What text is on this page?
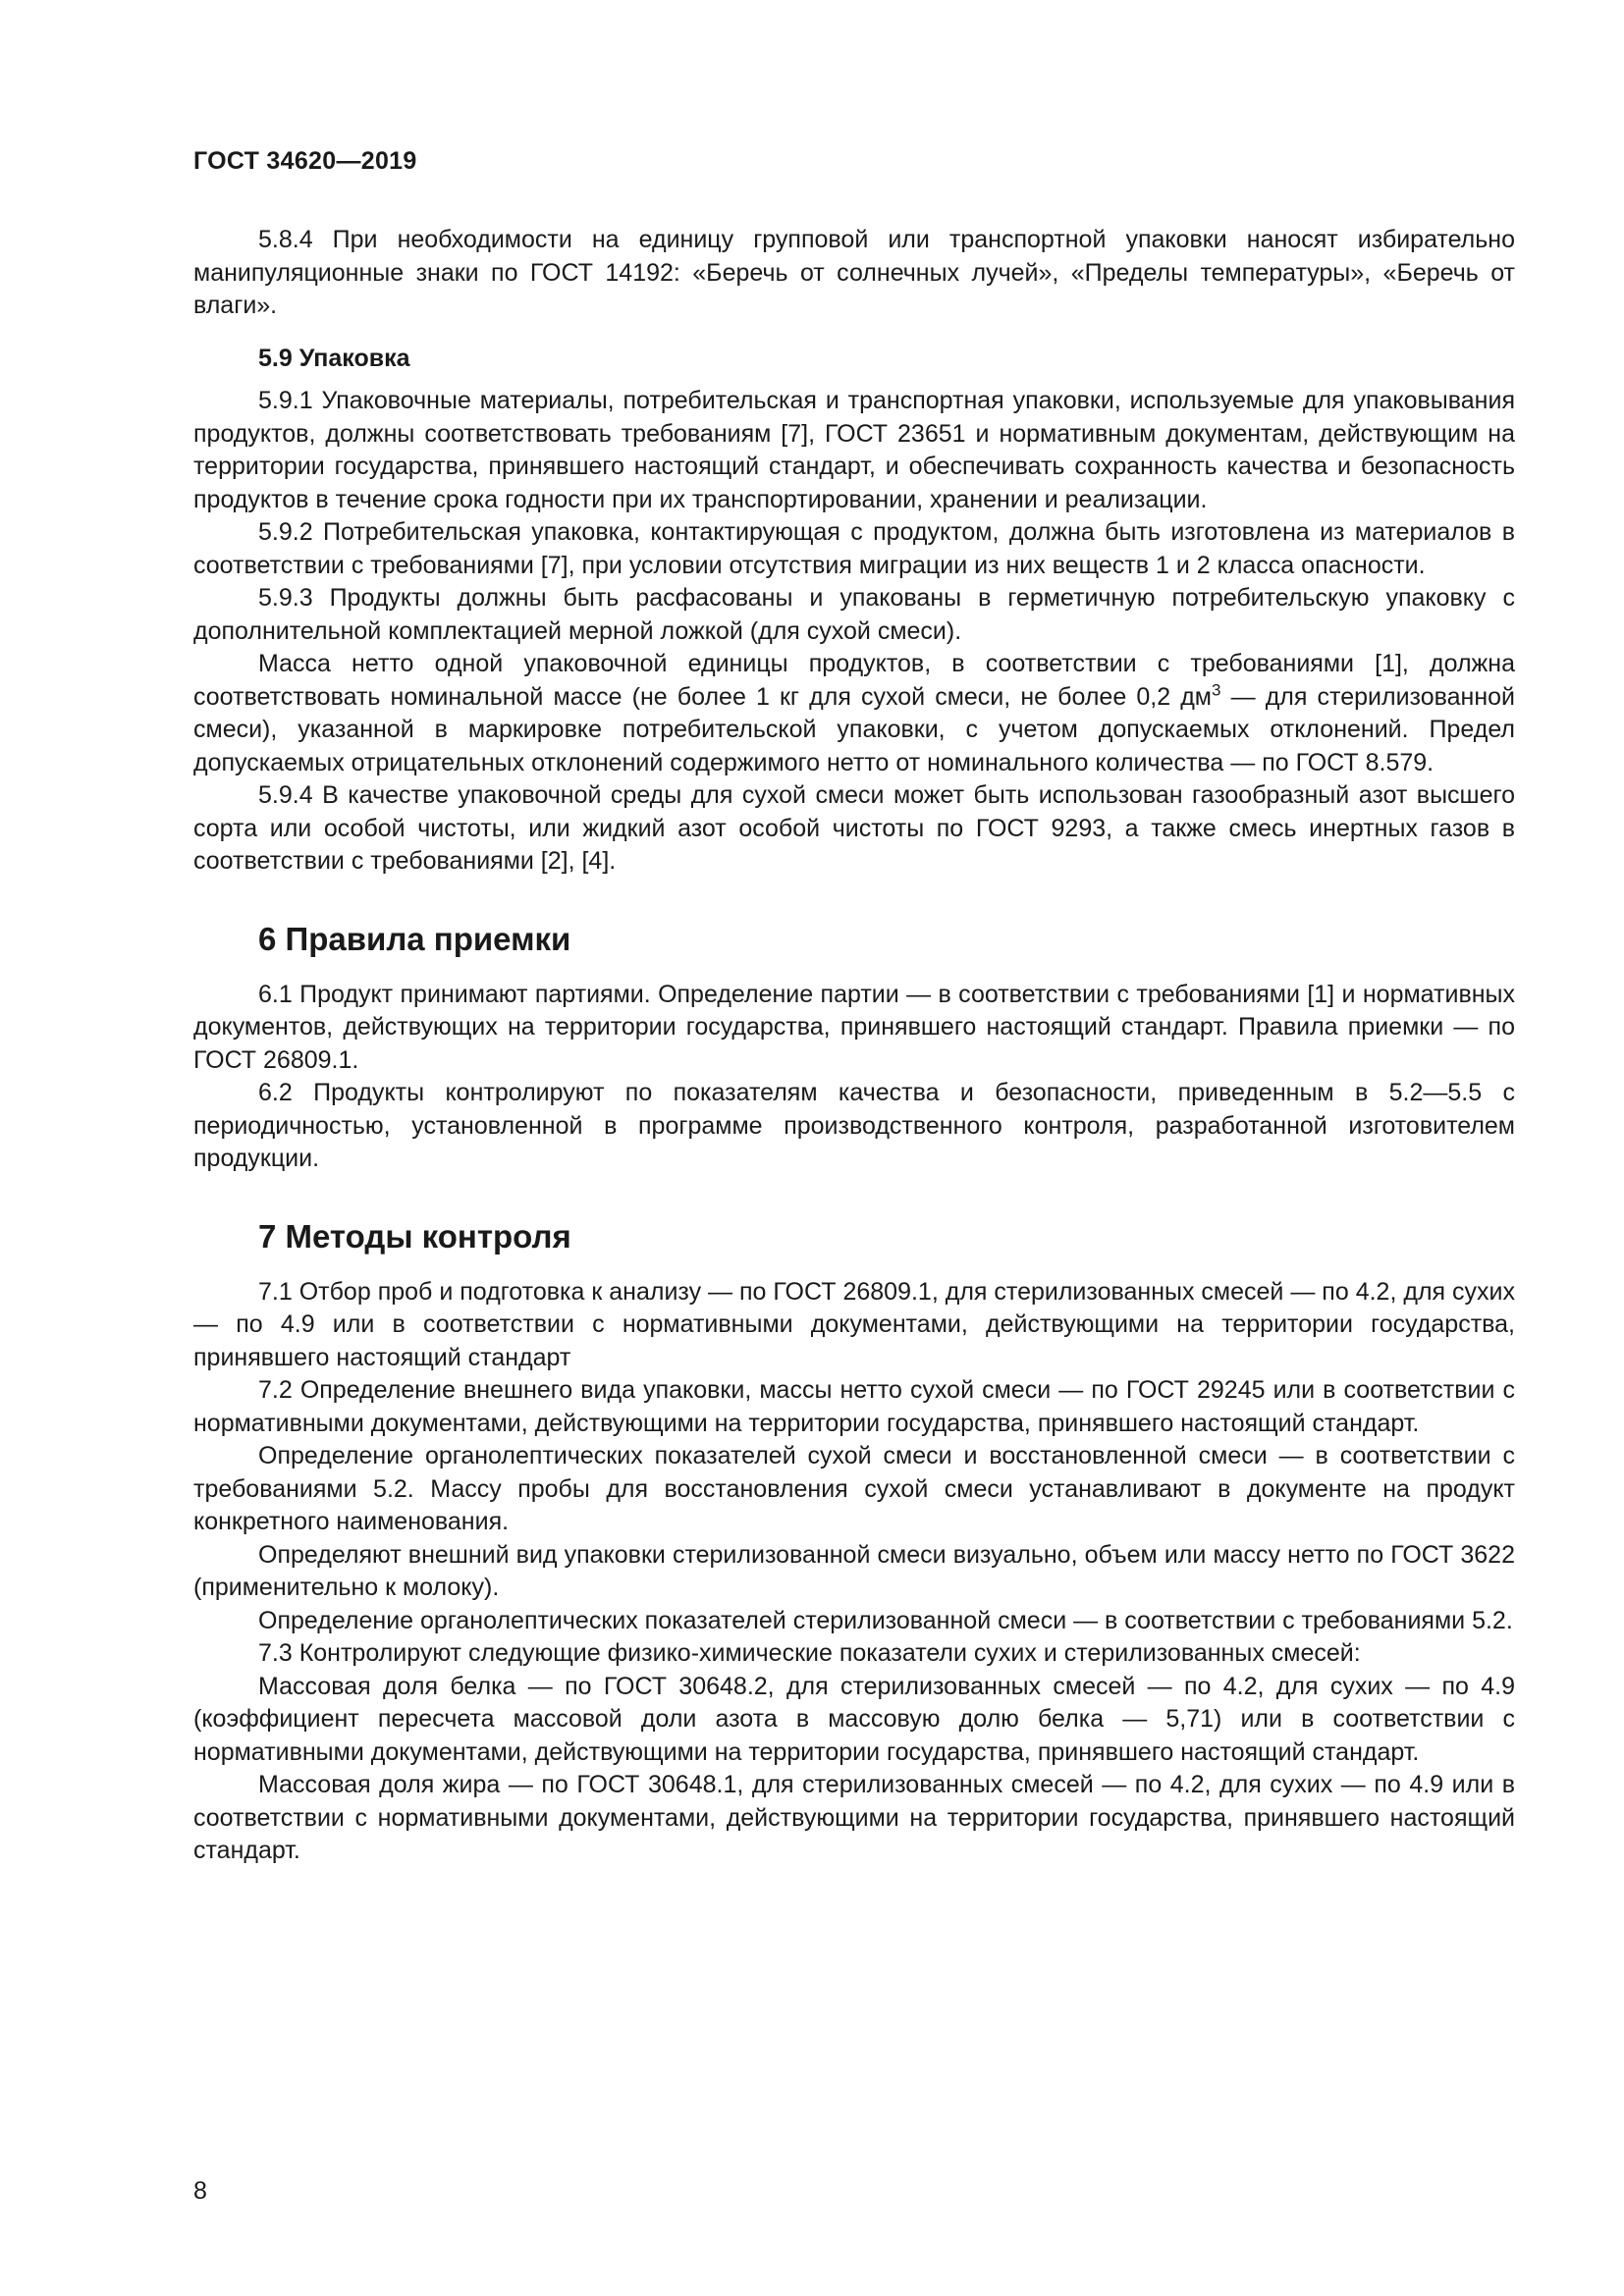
ГОСТ 34620—2019

5.8.4 При необходимости на единицу групповой или транспортной упаковки наносят избирательно манипуляционные знаки по ГОСТ 14192: «Беречь от солнечных лучей», «Пределы температуры», «Беречь от влаги».

5.9 Упаковка

5.9.1 Упаковочные материалы, потребительская и транспортная упаковки, используемые для упаковывания продуктов, должны соответствовать требованиям [7], ГОСТ 23651 и нормативным документам, действующим на территории государства, принявшего настоящий стандарт, и обеспечивать сохранность качества и безопасность продуктов в течение срока годности при их транспортировании, хранении и реализации.

5.9.2 Потребительская упаковка, контактирующая с продуктом, должна быть изготовлена из материалов в соответствии с требованиями [7], при условии отсутствия миграции из них веществ 1 и 2 класса опасности.

5.9.3 Продукты должны быть расфасованы и упакованы в герметичную потребительскую упаковку с дополнительной комплектацией мерной ложкой (для сухой смеси).

Масса нетто одной упаковочной единицы продуктов, в соответствии с требованиями [1], должна соответствовать номинальной массе (не более 1 кг для сухой смеси, не более 0,2 $дм^3$ — для стерилизованной смеси), указанной в маркировке потребительской упаковки, с учетом допускаемых отклонений. Предел допускаемых отрицательных отклонений содержимого нетто от номинального количества — по ГОСТ 8.579.

5.9.4 В качестве упаковочной среды для сухой смеси может быть использован газообразный азот высшего сорта или особой чистоты, или жидкий азот особой чистоты по ГОСТ 9293, а также смесь инертных газов в соответствии с требованиями [2], [4].

6 Правила приемки

6.1 Продукт принимают партиями. Определение партии — в соответствии с требованиями [1] и нормативных документов, действующих на территории государства, принявшего настоящий стандарт. Правила приемки — по ГОСТ 26809.1.

6.2 Продукты контролируют по показателям качества и безопасности, приведенным в 5.2—5.5 с периодичностью, установленной в программе производственного контроля, разработанной изготовителем продукции.

7 Методы контроля

7.1 Отбор проб и подготовка к анализу — по ГОСТ 26809.1, для стерилизованных смесей — по 4.2, для сухих — по 4.9 или в соответствии с нормативными документами, действующими на территории государства, принявшего настоящий стандарт

7.2 Определение внешнего вида упаковки, массы нетто сухой смеси — по ГОСТ 29245 или в соответствии с нормативными документами, действующими на территории государства, принявшего настоящий стандарт.

Определение органолептических показателей сухой смеси и восстановленной смеси — в соответствии с требованиями 5.2. Массу пробы для восстановления сухой смеси устанавливают в документе на продукт конкретного наименования.

Определяют внешний вид упаковки стерилизованной смеси визуально, объем или массу нетто по ГОСТ 3622 (применительно к молоку).

Определение органолептических показателей стерилизованной смеси — в соответствии с требованиями 5.2.

7.3 Контролируют следующие физико-химические показатели сухих и стерилизованных смесей:

Массовая доля белка — по ГОСТ 30648.2, для стерилизованных смесей — по 4.2, для сухих — по 4.9 (коэффициент пересчета массовой доли азота в массовую долю белка — 5,71) или в соответствии с нормативными документами, действующими на территории государства, принявшего настоящий стандарт.

Массовая доля жира — по ГОСТ 30648.1, для стерилизованных смесей — по 4.2, для сухих — по 4.9 или в соответствии с нормативными документами, действующими на территории государства, принявшего настоящий стандарт.

8
